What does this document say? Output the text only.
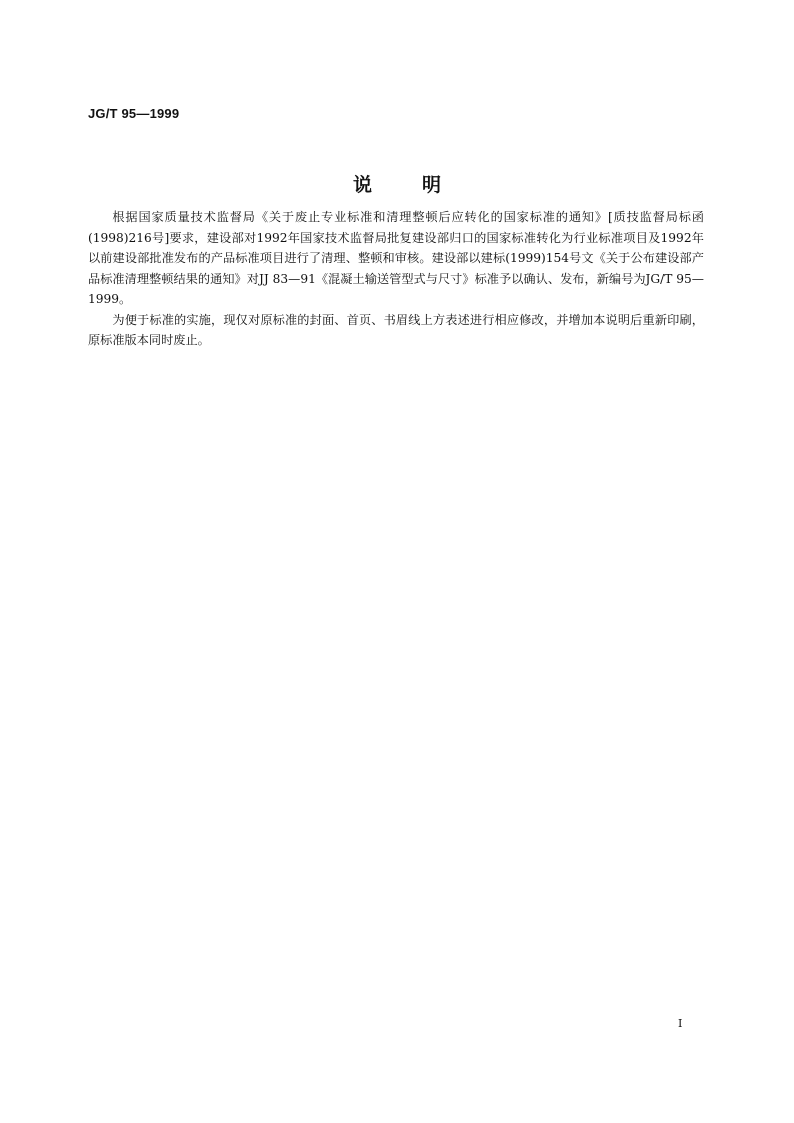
JG/T 95—1999
说明

根据国家质量技术监督局《关于废止专业标准和清理整顿后应转化的国家标准的通知》[质技监督局标函(1998)216号]要求，建设部对1992年国家技术监督局批复建设部归口的国家标准转化为行业标准项目及1992年以前建设部批准发布的产品标准项目进行了清理、整顿和审核。建设部以建标(1999)154号文《关于公布建设部产品标准清理整顿结果的通知》对JJ 83—91《混凝土输送管型式与尺寸》标准予以确认、发布，新编号为JG/T 95—1999。

为便于标准的实施，现仅对原标准的封面、首页、书眉线上方表述进行相应修改，并增加本说明后重新印刷，原标准版本同时废止。

I
